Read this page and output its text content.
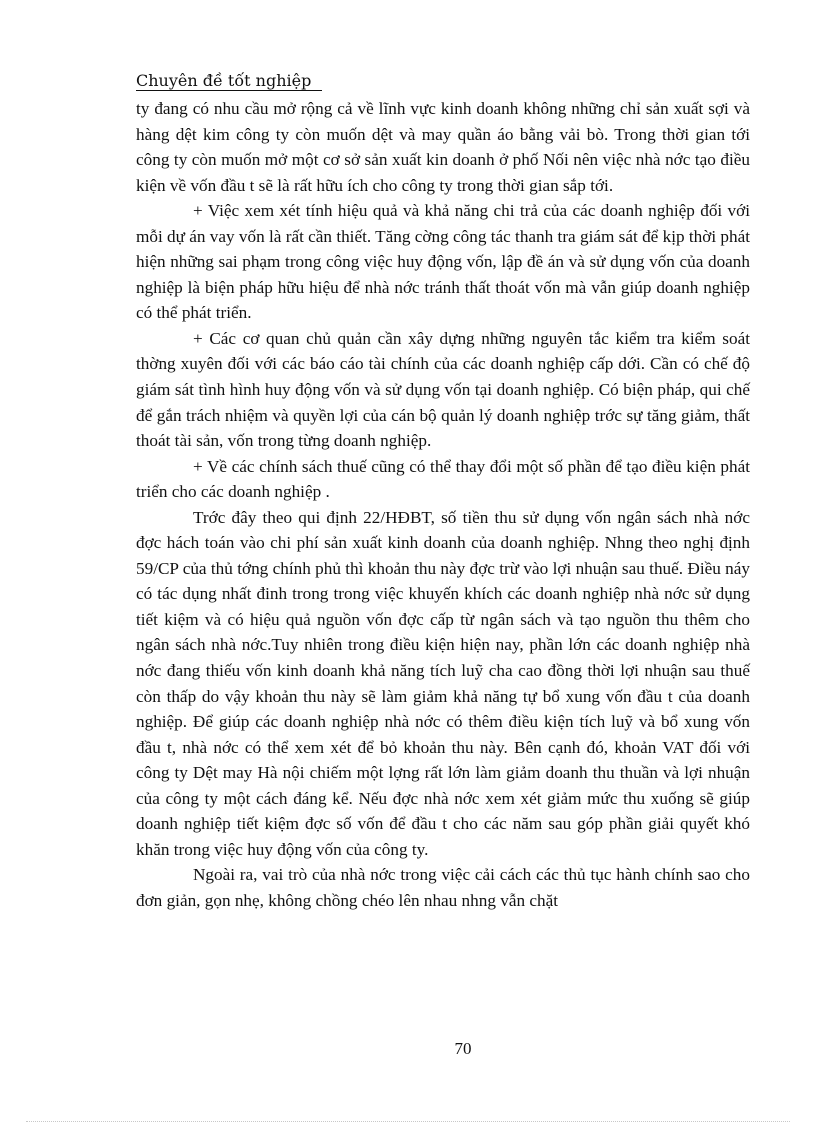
Chuyên đề tốt nghiệp

ty đang có nhu cầu mở rộng cả về lĩnh vực kinh doanh không những chỉ sản xuất sợi và hàng dệt kim công ty còn muốn dệt và may quần áo bằng vải bò. Trong thời gian tới công ty còn muốn mở một cơ sở sản xuất kin doanh ở phố Nối nên việc nhà nớc tạo điều kiện về vốn đầu t sẽ là rất hữu ích cho công ty trong thời gian sắp tới.

+ Việc xem xét tính hiệu quả và khả năng chi trả của các doanh nghiệp đối với mỗi dự án vay vốn là rất cần thiết. Tăng cờng công tác thanh tra giám sát để kịp thời phát hiện những sai phạm trong công việc huy động vốn, lập đề án và sử dụng vốn của doanh nghiệp là biện pháp hữu hiệu để nhà nớc tránh thất thoát vốn mà vẫn giúp doanh nghiệp có thể phát triển.

+ Các cơ quan chủ quản cần xây dựng những nguyên tắc kiểm tra kiểm soát thờng xuyên đối với các báo cáo tài chính của các doanh nghiệp cấp dới. Cần có chế độ giám sát tình hình huy động vốn và sử dụng vốn tại doanh nghiệp. Có biện pháp, qui chế để gắn trách nhiệm và quyền lợi của cán bộ quản lý doanh nghiệp trớc sự tăng giảm, thất thoát tài sản, vốn trong từng doanh nghiệp.

+ Về các chính sách thuế cũng có thể thay đổi một số phần để tạo điều kiện phát triển cho các doanh nghiệp .

Trớc đây theo qui định 22/HĐBT, số tiền thu sử dụng vốn ngân sách nhà nớc đợc hách toán vào chi phí sản xuất kinh doanh của doanh nghiệp. Nhng theo nghị định 59/CP của thủ tớng chính phủ thì khoản thu này đợc trừ vào lợi nhuận sau thuế. Điều náy có tác dụng nhất đinh trong trong việc khuyến khích các doanh nghiệp nhà nớc sử dụng tiết kiệm và có hiệu quả nguồn vốn đợc cấp từ ngân sách và tạo nguồn thu thêm cho ngân sách nhà nớc.Tuy nhiên trong điều kiện hiện nay, phần lớn các doanh nghiệp nhà nớc đang thiếu vốn kinh doanh khả năng tích luỹ cha cao đồng thời lợi nhuận sau thuế còn thấp do vậy khoản thu này sẽ làm giảm khả năng tự bổ xung vốn đầu t của doanh nghiệp. Để giúp các doanh nghiệp nhà nớc có thêm điều kiện tích luỹ và bổ xung vốn đầu t, nhà nớc có thể xem xét để bỏ khoản thu này. Bên cạnh đó, khoản VAT đối với công ty Dệt may Hà nội chiếm một lợng rất lớn làm giảm doanh thu thuần và lợi nhuận của công ty một cách đáng kể. Nếu đợc nhà nớc xem xét giảm mức thu xuống sẽ giúp doanh nghiệp tiết kiệm đợc số vốn để đầu t cho các năm sau góp phần giải quyết khó khăn trong việc huy động vốn của công ty.

Ngoài ra, vai trò của nhà nớc trong việc cải cách các thủ tục hành chính sao cho đơn giản, gọn nhẹ, không chồng chéo lên nhau nhng vẫn chặt

70
